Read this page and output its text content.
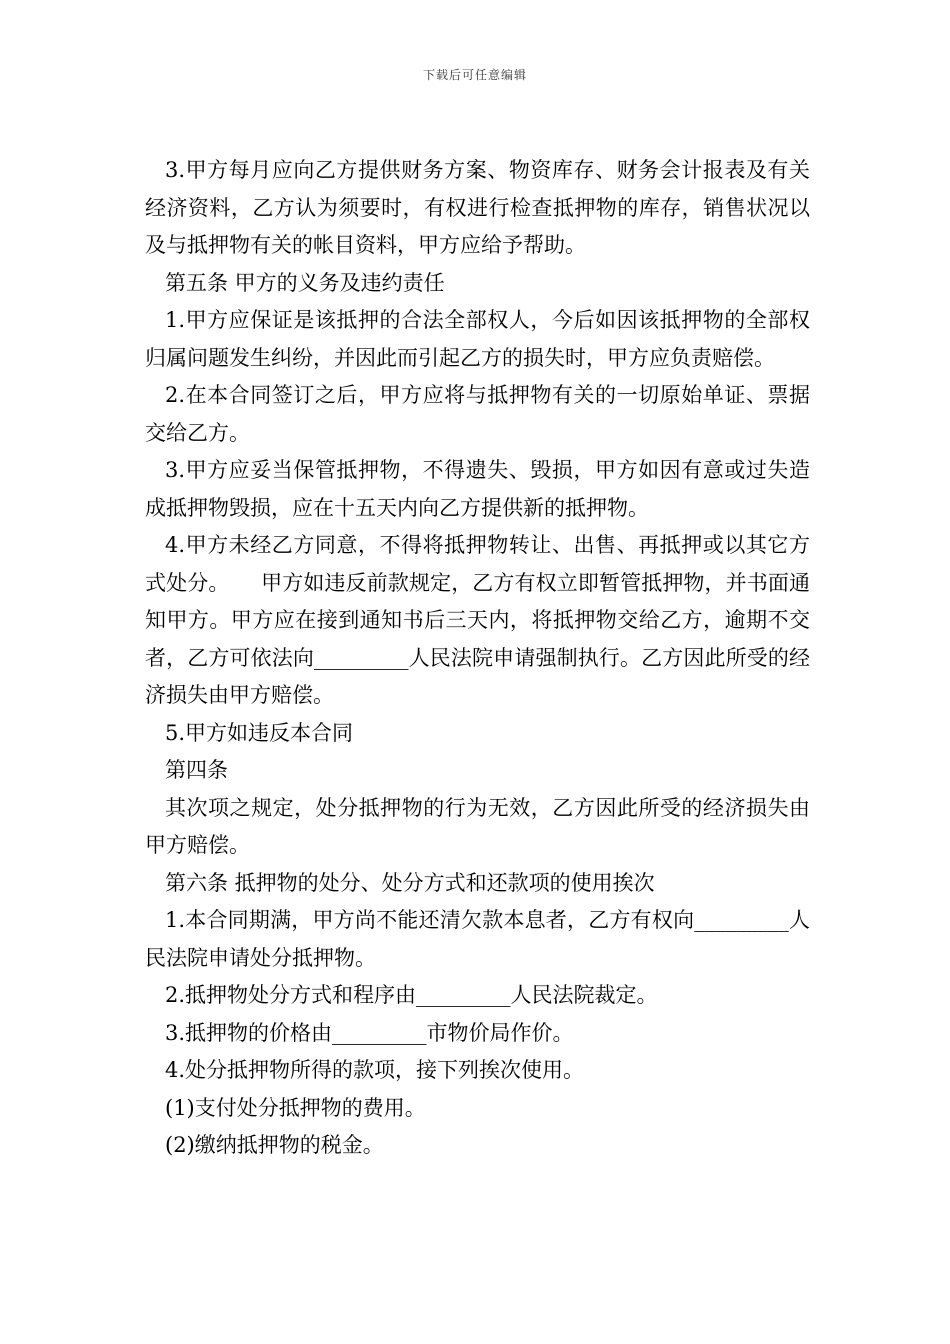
下载后可任意编辑

3.甲方每月应向乙方提供财务方案、物资库存、财务会计报表及有关经济资料，乙方认为须要时，有权进行检查抵押物的库存，销售状况以及与抵押物有关的帐目资料，甲方应给予帮助。

第五条 甲方的义务及违约责任

1.甲方应保证是该抵押的合法全部权人，今后如因该抵押物的全部权归属问题发生纠纷，并因此而引起乙方的损失时，甲方应负责赔偿。

2.在本合同签订之后，甲方应将与抵押物有关的一切原始单证、票据交给乙方。

3.甲方应妥当保管抵押物，不得遗失、毁损，甲方如因有意或过失造成抵押物毁损，应在十五天内向乙方提供新的抵押物。

4.甲方未经乙方同意，不得将抵押物转让、出售、再抵押或以其它方式处分。　　甲方如违反前款规定，乙方有权立即暂管抵押物，并书面通知甲方。甲方应在接到通知书后三天内，将抵押物交给乙方，逾期不交者，乙方可依法向_________人民法院申请强制执行。乙方因此所受的经济损失由甲方赔偿。

5.甲方如违反本合同

第四条

其次项之规定，处分抵押物的行为无效，乙方因此所受的经济损失由甲方赔偿。

第六条 抵押物的处分、处分方式和还款项的使用挨次

1.本合同期满，甲方尚不能还清欠款本息者，乙方有权向_________人民法院申请处分抵押物。

2.抵押物处分方式和程序由_________人民法院裁定。

3.抵押物的价格由_________市物价局作价。

4.处分抵押物所得的款项，接下列挨次使用。

(1)支付处分抵押物的费用。

(2)缴纳抵押物的税金。
